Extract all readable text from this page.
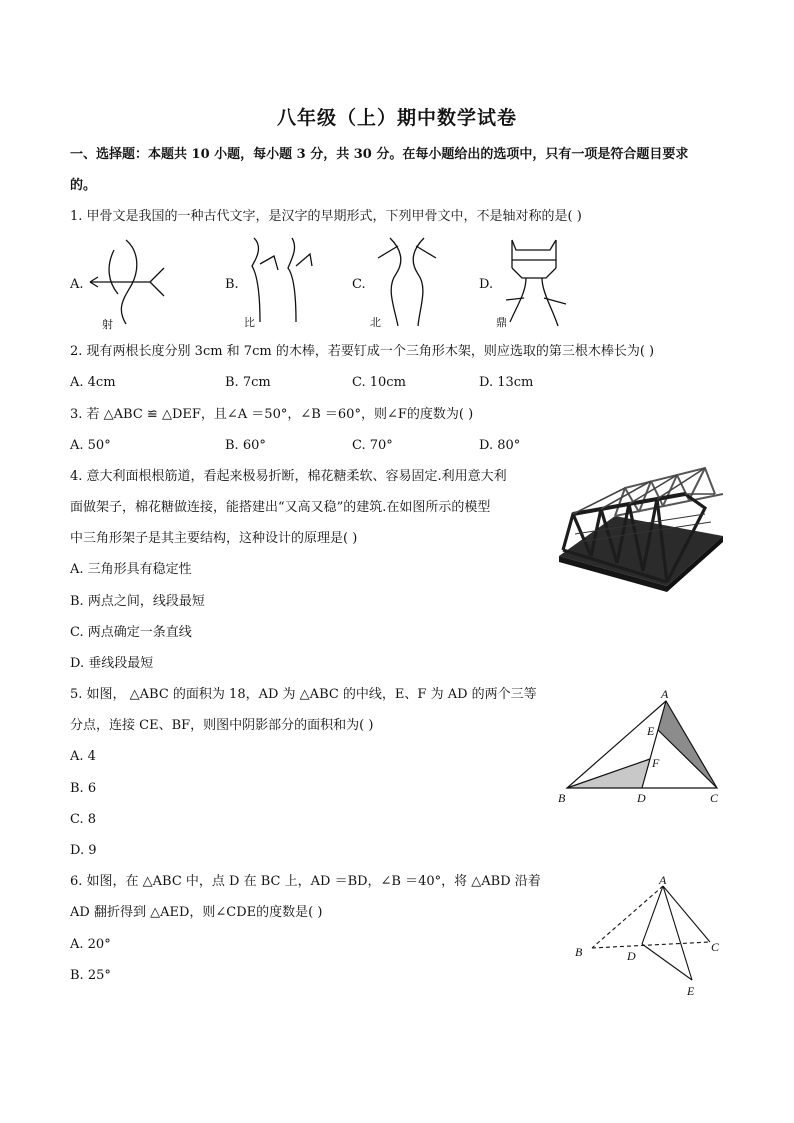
八年级（上）期中数学试卷
一、选择题：本题共 10 小题，每小题 3 分，共 30 分。在每小题给出的选项中，只有一项是符合题目要求
的。
1. 甲骨文是我国的一种古代文字，是汉字的早期形式，下列甲骨文中，不是轴对称的是( )
A.
射
B.
比
C.
北
D.
鼎
2. 现有两根长度分别 3cm 和 7cm 的木棒，若要钉成一个三角形木架，则应选取的第三根木棒长为( )
A. 4cm	B. 7cm	C. 10cm	D. 13cm
3. 若 △ABC ≌ △DEF，且∠A ＝50°，∠B ＝60°，则∠F的度数为( )
A. 50°	B. 60°	C. 70°	D. 80°
4. 意大利面根根筋道，看起来极易折断，棉花糖柔软、容易固定.利用意大利
面做架子，棉花糖做连接，能搭建出“又高又稳”的建筑.在如图所示的模型
中三角形架子是其主要结构，这种设计的原理是( )
A. 三角形具有稳定性
B. 两点之间，线段最短
C. 两点确定一条直线
D. 垂线段最短
5. 如图， △ABC 的面积为 18，AD 为 △ABC 的中线，E、F 为 AD 的两个三等
分点，连接 CE、BF，则图中阴影部分的面积和为( )
A. 4
B. 6
C. 8
D. 9
A
E
F
B	D	C
6. 如图，在 △ABC 中，点 D 在 BC 上，AD ＝BD，∠B ＝40°，将 △ABD 沿着
AD 翻折得到 △AED，则∠CDE的度数是( )
A. 20°
B. 25°
A
B	D
C
E
